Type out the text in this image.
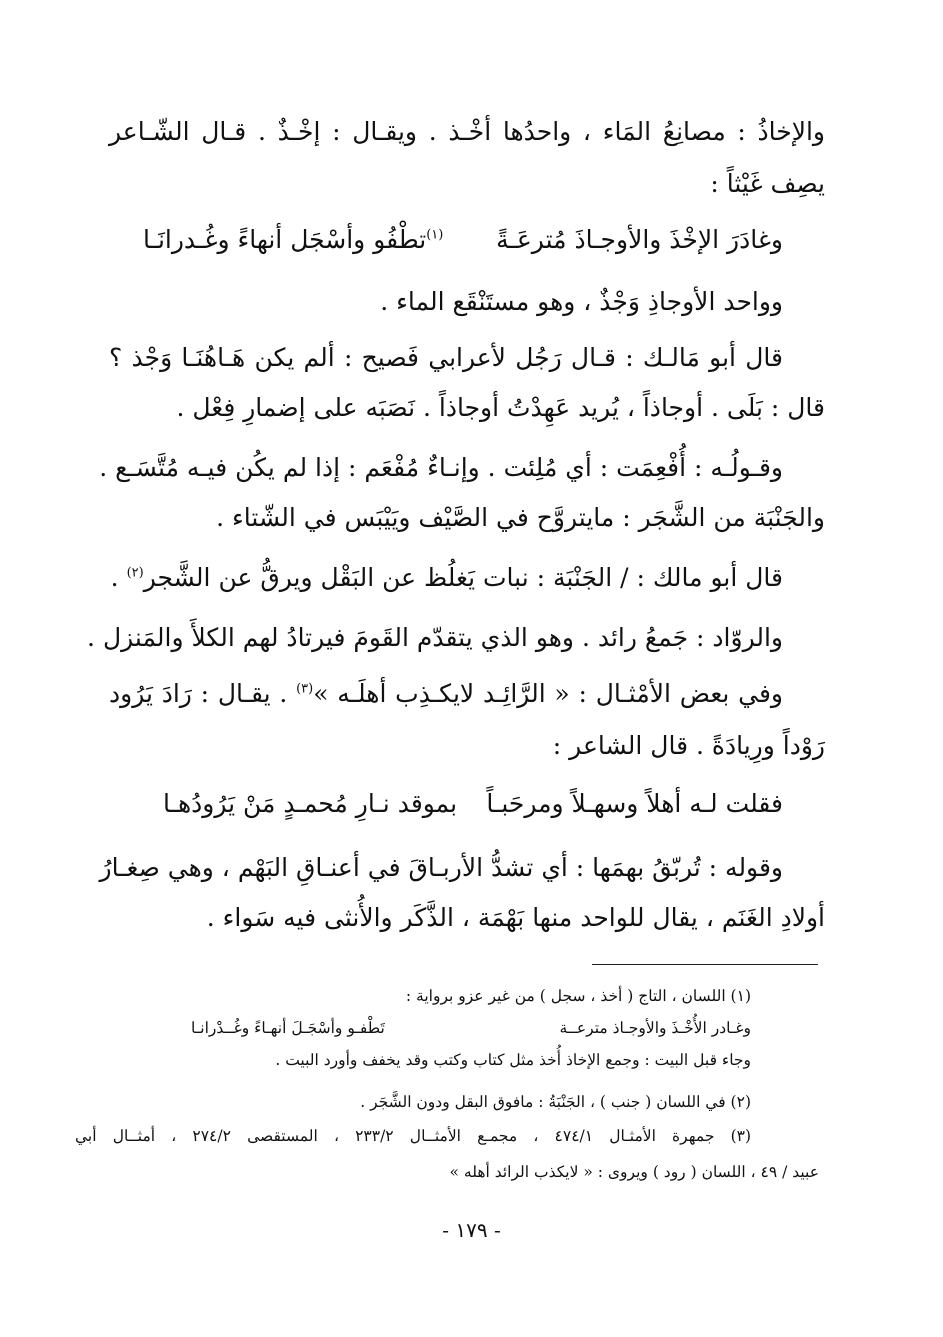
والإخاذُ : مصانِعُ المَاء ، واحدُها أخْـذ . ويقـال : إخْـذٌ . قـال الشّـاعر
يصِف غَيْثاً :
وغادَرَ الإخْذَ والأوجـاذَ مُترعَـةً
$^{(١)}$تطْفُو وأسْجَل أنهاءً وغُـدرانَـا
وواحد الأوجاذِ وَجْذٌ ، وهو مستَنْقَع الماء .
قال أبو مَالـك : قـال رَجُل لأعرابي فَصيح : ألم يكن هَـاهُنَـا وَجْذ ؟
قال : بَلَى . أوجاذاً ، يُريد عَهِدْتُ أوجاذاً . نَصَبَه على إضمارِ فِعْل .
وقـولُـه : أُفْعِمَت : أي مُلِئت . وإنـاءٌ مُفْعَم : إذا لم يكُن فيـه مُتَّسَـع .
والجَنْبَة من الشَّجَر : مايتروَّح في الصَّيْف ويَيْبَس في الشّتاء .
قال أبو مالك : / الجَنْبَة : نبات يَغلُظ عن البَقْل ويرقُّ عن الشَّجر$^{(٢)}$ .
والروّاد : جَمعُ رائد . وهو الذي يتقدّم القَومَ فيرتادُ لهم الكلأَ والمَنزل .
وفي بعض الأمْثـال : « الرَّائِـد لايكـذِب أهلَـه »$^{(٣)}$ . يقـال : رَادَ يَرُود
رَوْداً ورِيادَةً . قال الشاعر :
فقلت لـه أهلاً وسهـلاً ومرحَبـاً
بموقد نـارِ مُحمـدٍ مَنْ يَرُودُهـا
وقوله : تُربّقُ بهمَها : أي تشدُّ الأربـاقَ في أعنـاقِ البَهْم ، وهي صِغـارُ
أولادِ الغَنَم ، يقال للواحد منها بَهْمَة ، الذَّكَر والأُنثى فيه سَواء .
(١) اللسان ، التاج ( أخذ ، سجل ) من غير عزو برواية :
وغـادر الأُخْـذَ والأوجـاذ مترعــة
تَطْفـو وأسْجَـلَ أنهـاءً وغُــدْرانـا
وجاء قبل البيت : وجمع الإخاذ أُخذ مثل كتاب وكتب وقد يخفف وأورد البيت .
(٢) في اللسان ( جنب ) ، الجَنْبَةُ : مافوق البقل ودون الشَّجَر .
(٣) جمهرة الأمثـال ٤٧٤/١ ، مجمـع الأمثــال ٢٣٣/٢ ، المستقصى ٢٧٤/٢ ، أمثــال أبي
عبيد / ٤٩ ، اللسان ( رود ) ويروى : « لايكذب الرائد أهله »
- ١٧٩ -
